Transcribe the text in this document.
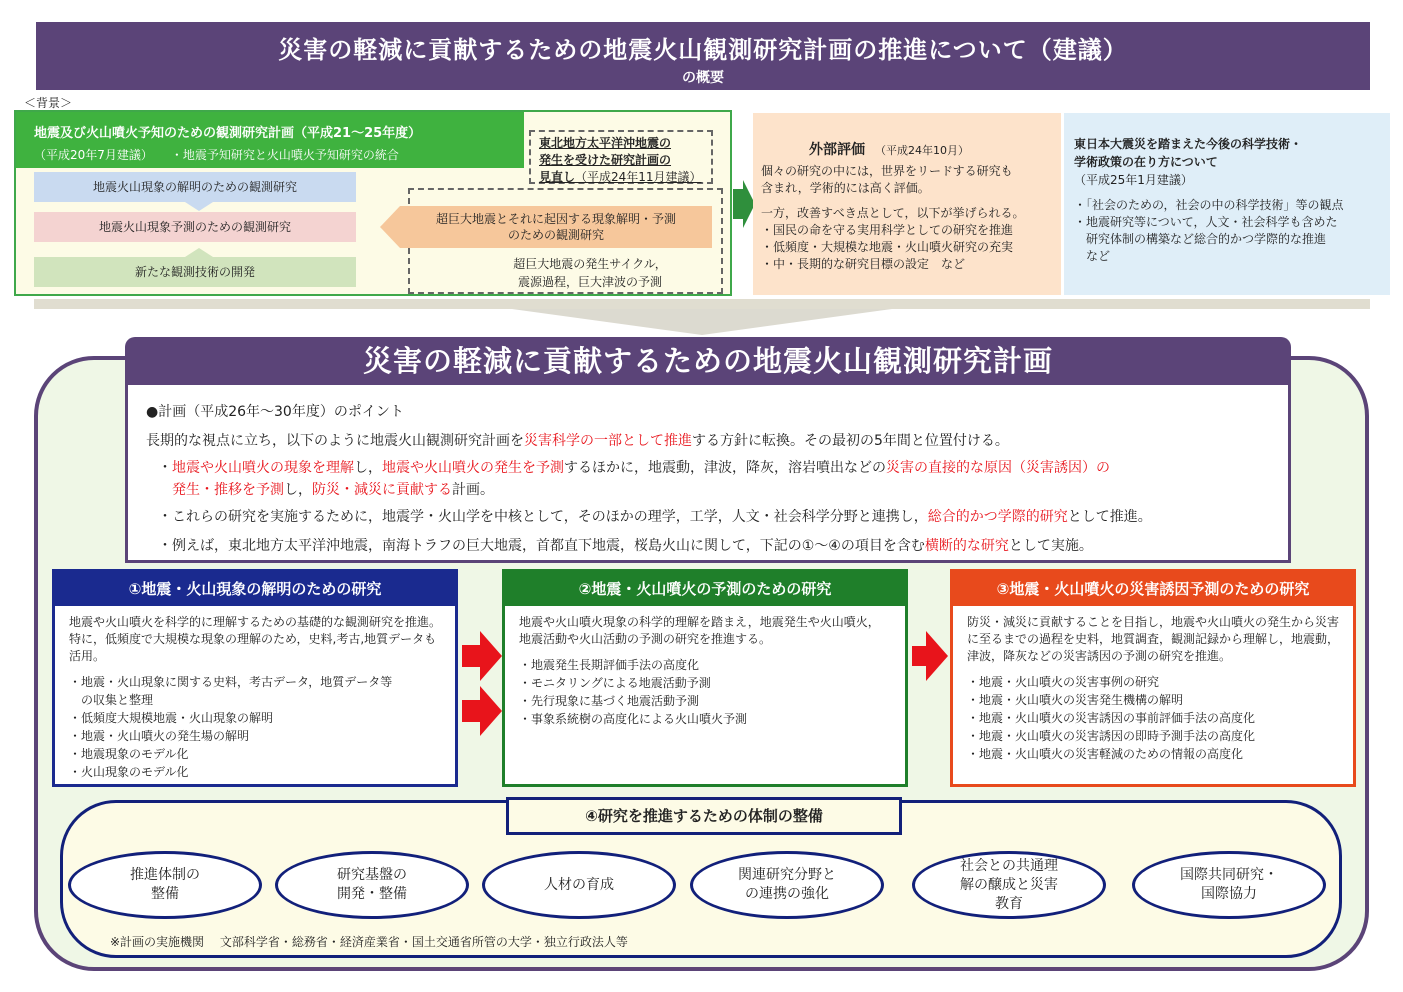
災害の軽減に貢献するための地震火山観測研究計画の推進について（建議）
の概要
＜背景＞
地震及び火山噴火予知のための観測研究計画（平成21～25年度）
（平成20年7月建議）　　・地震予知研究と火山噴火予知研究の統合
地震火山現象の解明のための観測研究
地震火山現象予測のための観測研究
新たな観測技術の開発
東北地方太平洋沖地震の
発生を受けた研究計画の
見直し（平成24年11月建議）
超巨大地震とそれに起因する現象解明・予測
のための観測研究
超巨大地震の発生サイクル，
震源過程，巨大津波の予測
外部評価 （平成24年10月）
個々の研究の中には，世界をリードする研究も
含まれ，学術的には高く評価。
一方，改善すべき点として，以下が挙げられる。
・国民の命を守る実用科学としての研究を推進
・低頻度・大規模な地震・火山噴火研究の充実
・中・長期的な研究目標の設定　など
東日本大震災を踏まえた今後の科学技術・
学術政策の在り方について
（平成25年1月建議）
・「社会のための，社会の中の科学技術」等の観点
・地震研究等について，人文・社会科学も含めた
　研究体制の構築など総合的かつ学際的な推進
　など
災害の軽減に貢献するための地震火山観測研究計画
●計画（平成26年～30年度）のポイント
長期的な視点に立ち，以下のように地震火山観測研究計画を災害科学の一部として推進する方針に転換。その最初の5年間と位置付ける。
・地震や火山噴火の現象を理解し，地震や火山噴火の発生を予測するほかに，地震動，津波，降灰，溶岩噴出などの災害の直接的な原因（災害誘因）の
発生・推移を予測し，防災・減災に貢献する計画。
・これらの研究を実施するために，地震学・火山学を中核として，そのほかの理学，工学，人文・社会科学分野と連携し，総合的かつ学際的研究として推進。
・例えば，東北地方太平洋沖地震，南海トラフの巨大地震，首都直下地震，桜島火山に関して，下記の①～④の項目を含む横断的な研究として実施。
①地震・火山現象の解明のための研究
地震や火山噴火を科学的に理解するための基礎的な観測研究を推進。特に，低頻度で大規模な現象の理解のため，史料,考古,地質データも活用。
・地震・火山現象に関する史料，考古データ，地質データ等
　の収集と整理
・低頻度大規模地震・火山現象の解明
・地震・火山噴火の発生場の解明
・地震現象のモデル化
・火山現象のモデル化
②地震・火山噴火の予測のための研究
地震や火山噴火現象の科学的理解を踏まえ，地震発生や火山噴火，地震活動や火山活動の予測の研究を推進する。
・地震発生長期評価手法の高度化
・モニタリングによる地震活動予測
・先行現象に基づく地震活動予測
・事象系統樹の高度化による火山噴火予測
③地震・火山噴火の災害誘因予測のための研究
防災・減災に貢献することを目指し，地震や火山噴火の発生から災害に至るまでの過程を史料，地質調査，観測記録から理解し，地震動，津波，降灰などの災害誘因の予測の研究を推進。
・地震・火山噴火の災害事例の研究
・地震・火山噴火の災害発生機構の解明
・地震・火山噴火の災害誘因の事前評価手法の高度化
・地震・火山噴火の災害誘因の即時予測手法の高度化
・地震・火山噴火の災害軽減のための情報の高度化
④研究を推進するための体制の整備
推進体制の
整備
研究基盤の
開発・整備
人材の育成
関連研究分野と
の連携の強化
社会との共通理
解の醸成と災害
教育
国際共同研究・
国際協力
※計画の実施機関　 文部科学省・総務省・経済産業省・国土交通省所管の大学・独立行政法人等
